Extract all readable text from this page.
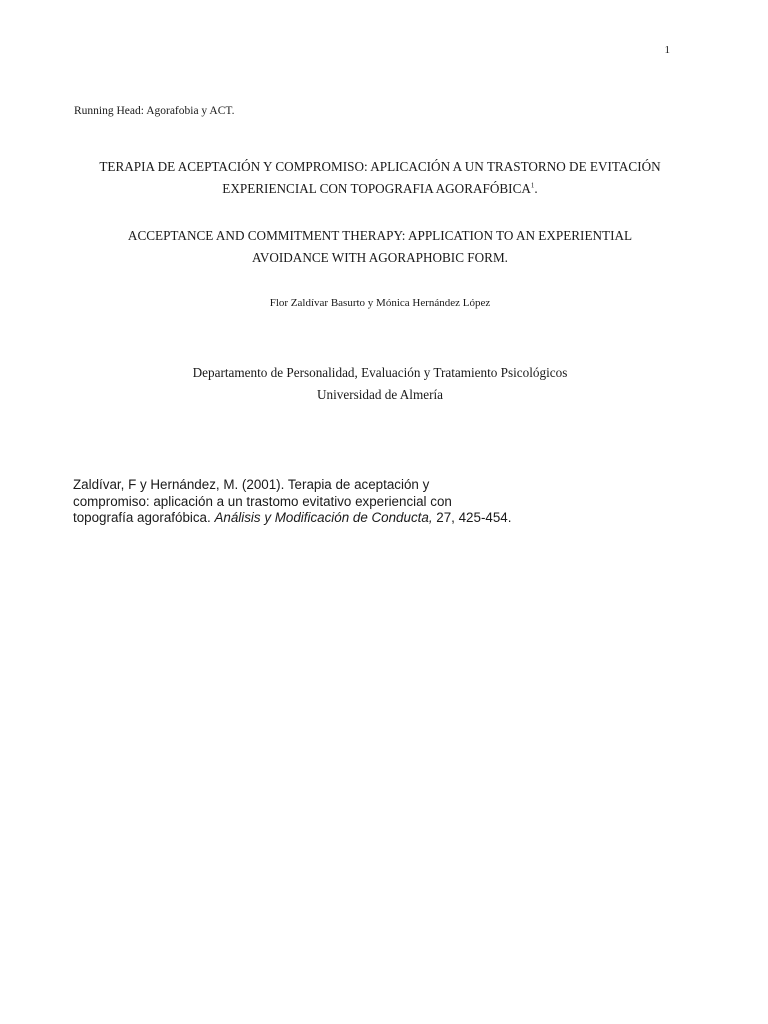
1
Running Head: Agorafobia y ACT.
TERAPIA DE ACEPTACIÓN Y COMPROMISO: APLICACIÓN A UN TRASTORNO DE EVITACIÓN
EXPERIENCIAL CON TOPOGRAFIA AGORAFÓBICA$^1$.
ACCEPTANCE AND COMMITMENT THERAPY: APPLICATION TO AN EXPERIENTIAL
AVOIDANCE WITH AGORAPHOBIC FORM.
Flor Zaldívar Basurto y Mónica Hernández López
Departamento de Personalidad, Evaluación y Tratamiento Psicológicos
Universidad de Almería
Zaldívar, F y Hernández, M. (2001). Terapia de aceptación y
compromiso: aplicación a un trastomo evitativo experiencial con
topografía agorafóbica. Análisis y Modificación de Conducta, 27, 425-454.
